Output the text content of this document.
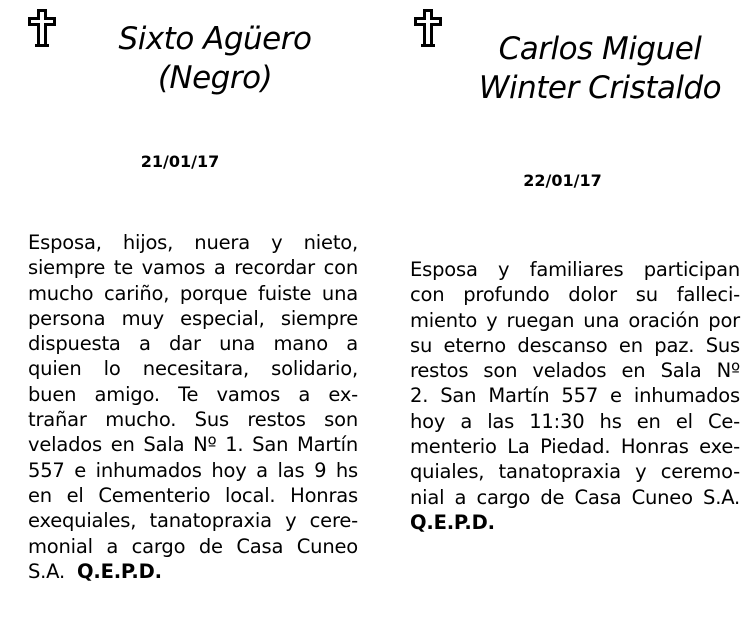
Sixto Agüero
(Negro)
21/01/17
Esposa, hijos, nuera y nieto,
siempre te vamos a recordar con
mucho cariño, porque fuiste una
persona muy especial, siempre
dispuesta a dar una mano a
quien lo necesitara, solidario,
buen amigo. Te vamos a ex-
trañar mucho. Sus restos son
velados en Sala Nº 1. San Martín
557 e inhumados hoy a las 9 hs
en el Cementerio local. Honras
exequiales, tanatopraxia y cere-
monial a cargo de Casa Cuneo
S.A. Q.E.P.D.
Carlos Miguel
Winter Cristaldo
22/01/17
Esposa y familiares participan
con profundo dolor su falleci-
miento y ruegan una oración por
su eterno descanso en paz. Sus
restos son velados en Sala Nº
2. San Martín 557 e inhumados
hoy a las 11:30 hs en el Ce-
menterio La Piedad. Honras exe-
quiales, tanatopraxia y ceremo-
nial a cargo de Casa Cuneo S.A.
Q.E.P.D.
